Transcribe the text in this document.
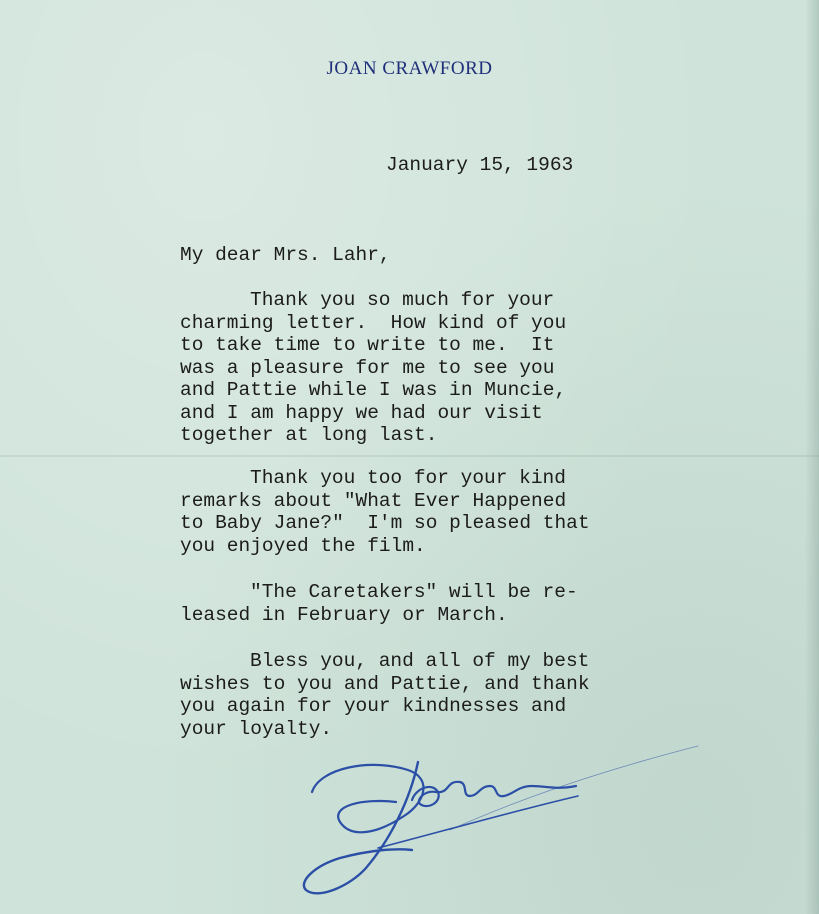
JOAN CRAWFORD
January 15, 1963
My dear Mrs. Lahr,
Thank you so much for your
charming letter.  How kind of you
to take time to write to me.  It
was a pleasure for me to see you
and Pattie while I was in Muncie,
and I am happy we had our visit
together at long last.
Thank you too for your kind
remarks about "What Ever Happened
to Baby Jane?"  I'm so pleased that
you enjoyed the film.
"The Caretakers" will be re-
leased in February or March.
Bless you, and all of my best
wishes to you and Pattie, and thank
you again for your kindnesses and
your loyalty.
